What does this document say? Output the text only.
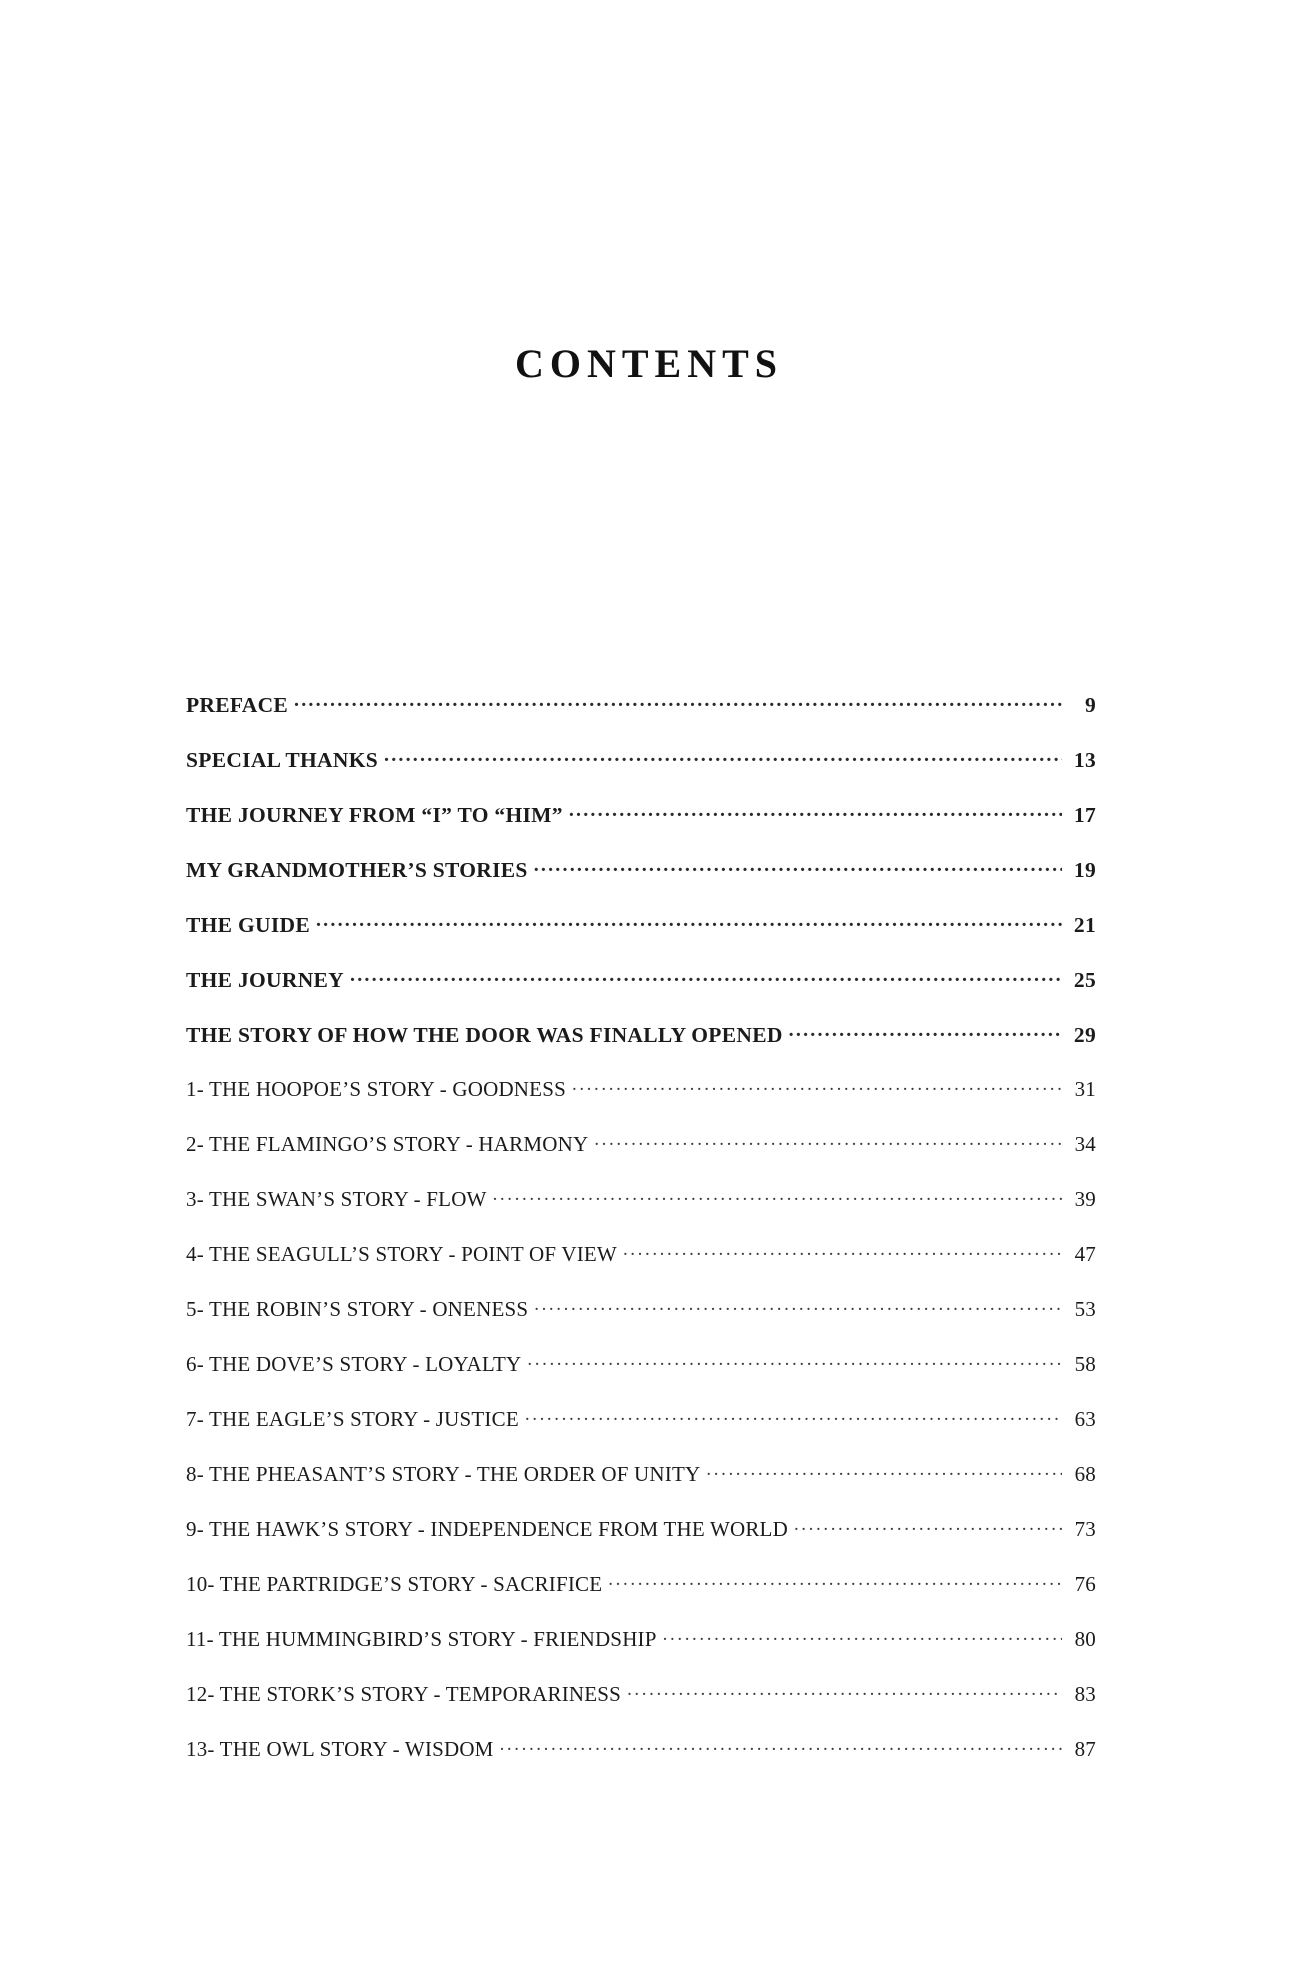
CONTENTS
PREFACE .....	9
SPECIAL THANKS .....	13
THE JOURNEY FROM “I” TO “HIM” .....	17
MY GRANDMOTHER’S STORIES .....	19
THE GUIDE .....	21
THE JOURNEY .....	25
THE STORY OF HOW THE DOOR WAS FINALLY OPENED .....	29
1- THE HOOPOE’S STORY - GOODNESS .....	31
2- THE FLAMINGO’S STORY - HARMONY .....	34
3- THE SWAN’S STORY - FLOW .....	39
4- THE SEAGULL’S STORY - POINT OF VIEW .....	47
5- THE ROBIN’S STORY - ONENESS .....	53
6- THE DOVE’S STORY - LOYALTY .....	58
7- THE EAGLE’S STORY - JUSTICE .....	63
8- THE PHEASANT’S STORY - THE ORDER OF UNITY .....	68
9- THE HAWK’S STORY - INDEPENDENCE FROM THE WORLD .....	73
10- THE PARTRIDGE’S STORY - SACRIFICE .....	76
11- THE HUMMINGBIRD’S STORY - FRIENDSHIP .....	80
12- THE STORK’S STORY - TEMPORARINESS .....	83
13- THE OWL STORY - WISDOM .....	87
